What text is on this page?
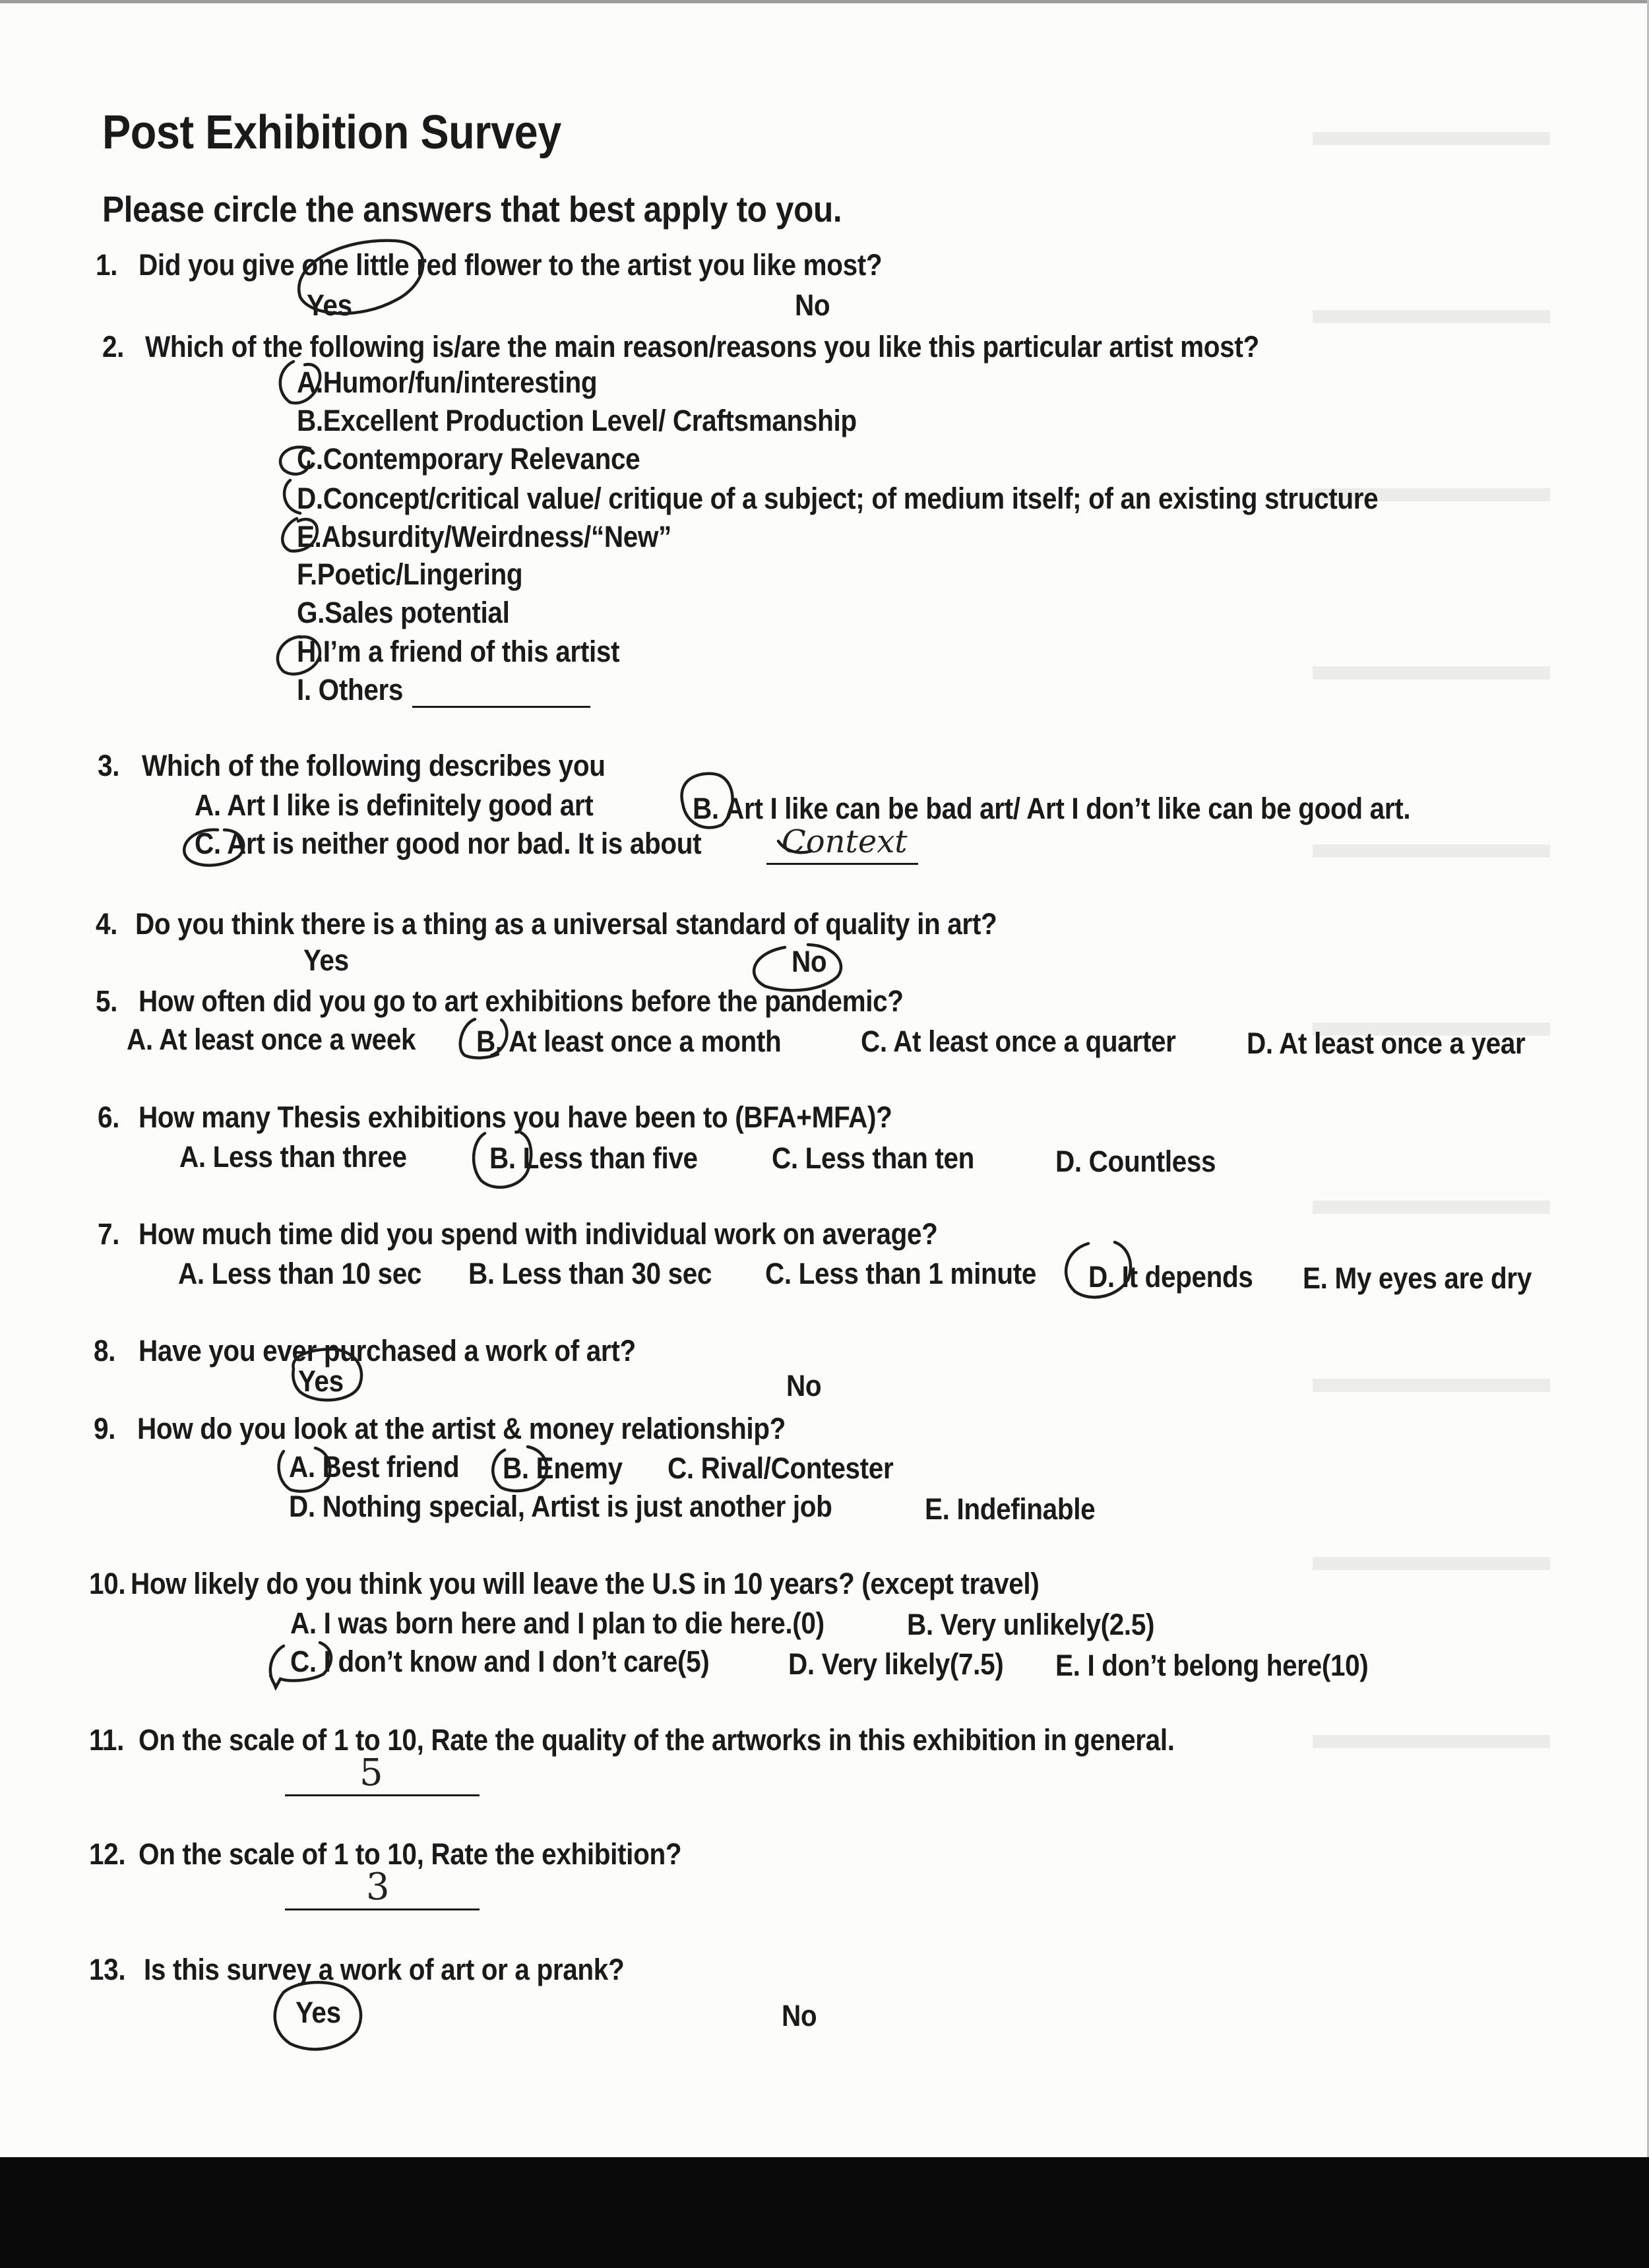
Post Exhibition Survey
Please circle the answers that best apply to you.
1. Did you give one little red flower to the artist you like most?
Yes	No
2. Which of the following is/are the main reason/reasons you like this particular artist most?
A.Humor/fun/interesting
B.Excellent Production Level/ Craftsmanship
C.Contemporary Relevance
D.Concept/critical value/ critique of a subject; of medium itself; of an existing structure
E.Absurdity/Weirdness/“New”
F.Poetic/Lingering
G.Sales potential
H.I’m a friend of this artist
I. Others
3. Which of the following describes you
A. Art I like is definitely good art	B. Art I like can be bad art/ Art I don’t like can be good art.
C. Art is neither good nor bad. It is about	Context
4. Do you think there is a thing as a universal standard of quality in art?
Yes	No
5. How often did you go to art exhibitions before the pandemic?
A. At least once a week B. At least once a month	C. At least once a quarter D. At least once a year
6. How many Thesis exhibitions you have been to (BFA+MFA)?
A. Less than three	B. Less than five C. Less than ten	D. Countless
7. How much time did you spend with individual work on average?
A. Less than 10 sec B. Less than 30 sec C. Less than 1 minute D. It depends E. My eyes are dry
8. Have you ever purchased a work of art?
Yes	No
9. How do you look at the artist & money relationship?
A. Best friend B. Enemy C. Rival/Contester
D. Nothing special, Artist is just another job	E. Indefinable
10. How likely do you think you will leave the U.S in 10 years? (except travel)
A. I was born here and I plan to die here.(0)	B. Very unlikely(2.5)
C. I don’t know and I don’t care(5)	D. Very likely(7.5) E. I don’t belong here(10)
11. On the scale of 1 to 10, Rate the quality of the artworks in this exhibition in general.
5
12. On the scale of 1 to 10, Rate the exhibition?
3
13. Is this survey a work of art or a prank?
Yes	No
